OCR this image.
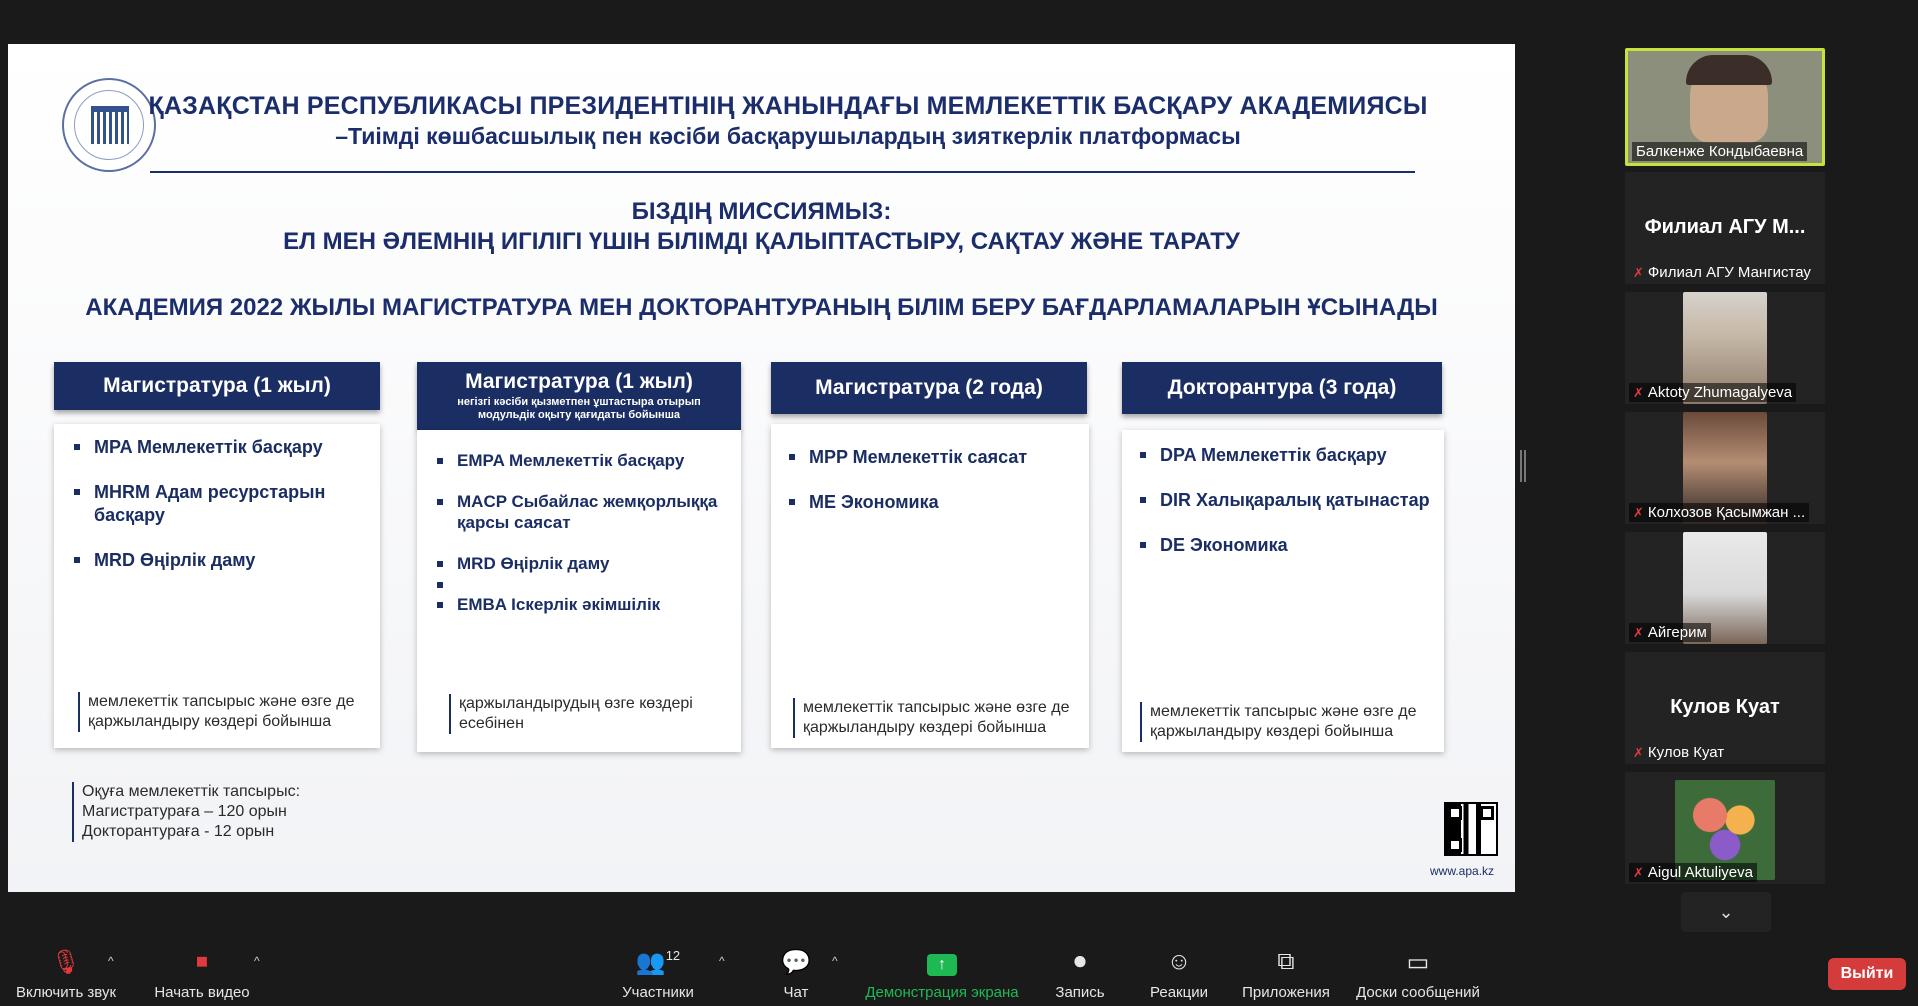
ҚАЗАҚСТАН РЕСПУБЛИКАСЫ ПРЕЗИДЕНТІНІҢ ЖАНЫНДАҒЫ МЕМЛЕКЕТТІК БАСҚАРУ АКАДЕМИЯСЫ
–Тиімді көшбасшылық пен кәсіби басқарушылардың зияткерлік платформасы
БІЗДІҢ МИССИЯМЫЗ:
ЕЛ МЕН ӘЛЕМНІҢ ИГІЛІГІ ҮШІН БІЛІМДІ ҚАЛЫПТАСТЫРУ, САҚТАУ ЖӘНЕ ТАРАТУ
АКАДЕМИЯ 2022 ЖЫЛЫ МАГИСТРАТУРА МЕН ДОКТОРАНТУРАНЫҢ БІЛІМ БЕРУ БАҒДАРЛАМАЛАРЫН ҰСЫНАДЫ
Магистратура (1 жыл)
MPA Мемлекеттік басқару
MHRM Адам ресурстарын басқару
MRD Өңірлік даму
мемлекеттік тапсырыс және өзге де қаржыландыру көздері бойынша
Магистратура (1 жыл)
негізгі кәсіби қызметпен ұштастыра отырып модульдік оқыту қағидаты бойынша
EMPA Мемлекеттік басқару
MACP Сыбайлас жемқорлыққа қарсы саясат
MRD Өңірлік даму
EMBA Іскерлік әкімшілік
қаржыландырудың өзге көздері есебінен
Магистратура (2 года)
MPP Мемлекеттік саясат
ME Экономика
мемлекеттік тапсырыс және өзге де қаржыландыру көздері бойынша
Докторантура (3 года)
DPA Мемлекеттік басқару
DIR Халықаралық қатынастар
DE Экономика
мемлекеттік тапсырыс және өзге де қаржыландыру көздері бойынша
Оқуға мемлекеттік тапсырыс:
Магистратураға – 120 орын
Докторантураға - 12 орын
www.apa.kz
Балкенже Кондыбаевна
Филиал АГУ М...
✗ Филиал АГУ Мангистау
✗ Aktoty Zhumagalyeva
✗ Колхозов Қасымжан ...
✗ Айгерим
Кулов Куат
✗ Кулов Куат
✗ Aigul Aktuliyeva
⌄
🎙
Включить звук
^	⏹
Начать видео
^	👥$^{12}$
Участники
^ 💬
Чат
^	↑
Демонстрация экрана
⏺
Запись
☺
Реакции
⧉
Приложения
▭
Доски сообщений
Выйти
